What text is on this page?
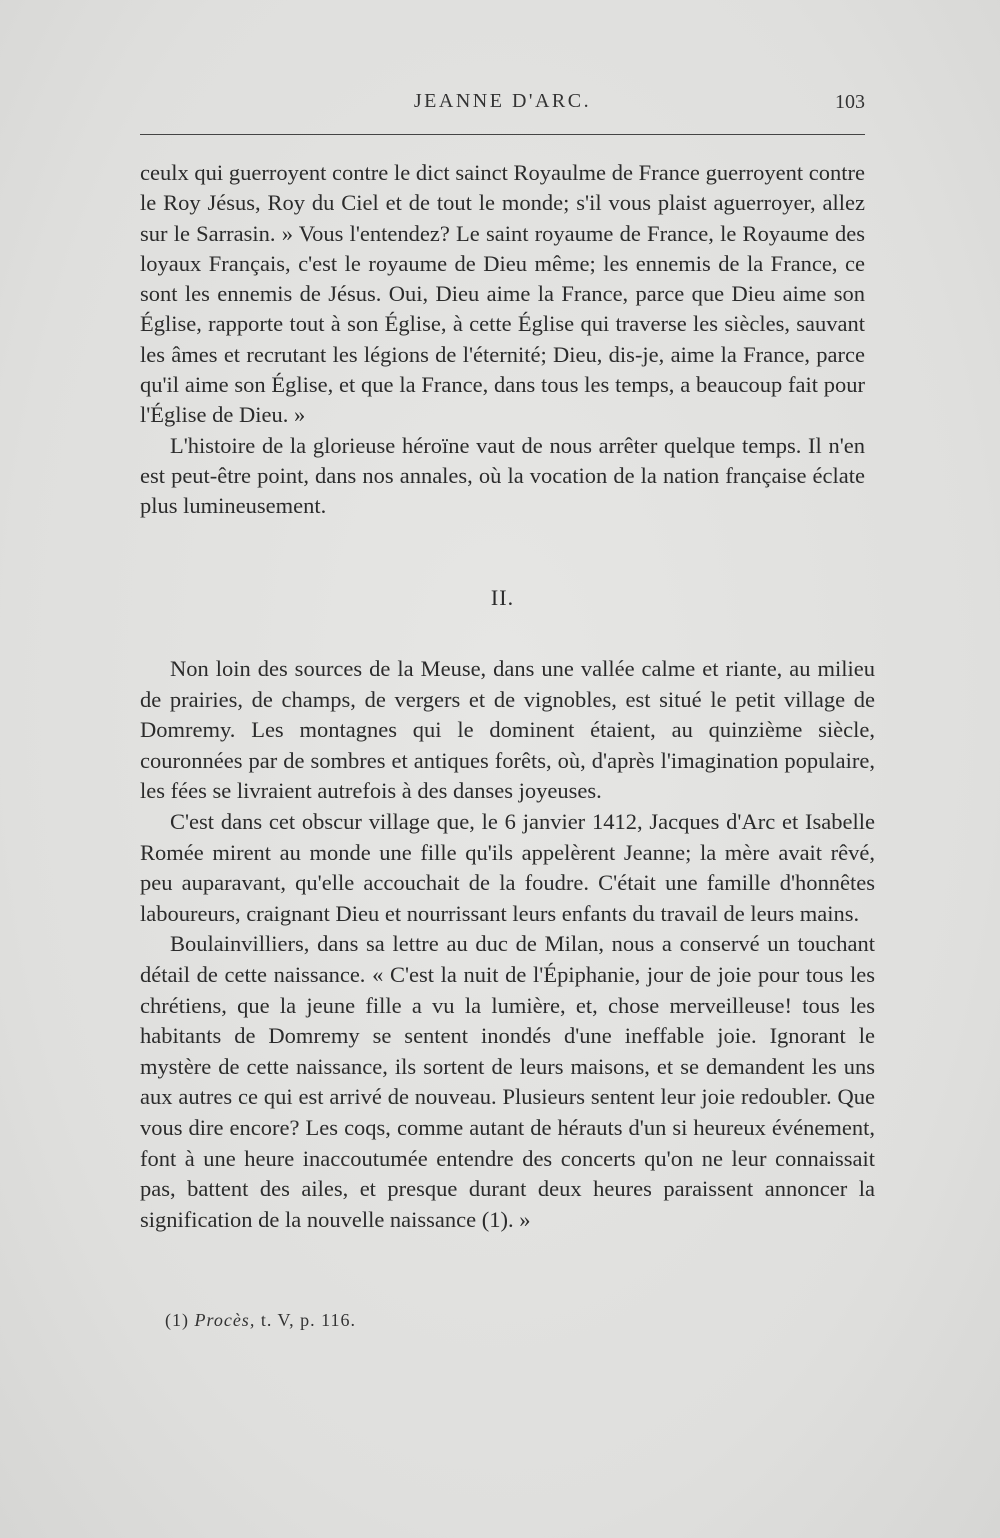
JEANNE D'ARC.	103

ceulx qui guerroyent contre le dict sainct Royaulme de France guerroyent contre le Roy Jésus, Roy du Ciel et de tout le monde; s'il vous plaist aguerroyer, allez sur le Sarrasin. » Vous l'entendez? Le saint royaume de France, le Royaume des loyaux Français, c'est le royaume de Dieu même; les ennemis de la France, ce sont les ennemis de Jésus. Oui, Dieu aime la France, parce que Dieu aime son Église, rapporte tout à son Église, à cette Église qui traverse les siècles, sauvant les âmes et recrutant les légions de l'éternité; Dieu, dis-je, aime la France, parce qu'il aime son Église, et que la France, dans tous les temps, a beaucoup fait pour l'Église de Dieu. »

L'histoire de la glorieuse héroïne vaut de nous arrêter quelque temps. Il n'en est peut-être point, dans nos annales, où la vocation de la nation française éclate plus lumineusement.

II.

Non loin des sources de la Meuse, dans une vallée calme et riante, au milieu de prairies, de champs, de vergers et de vignobles, est situé le petit village de Domremy. Les montagnes qui le dominent étaient, au quinzième siècle, couronnées par de sombres et antiques forêts, où, d'après l'imagination populaire, les fées se livraient autrefois à des danses joyeuses.

C'est dans cet obscur village que, le 6 janvier 1412, Jacques d'Arc et Isabelle Romée mirent au monde une fille qu'ils appelèrent Jeanne; la mère avait rêvé, peu auparavant, qu'elle accouchait de la foudre. C'était une famille d'honnêtes laboureurs, craignant Dieu et nourrissant leurs enfants du travail de leurs mains.

Boulainvilliers, dans sa lettre au duc de Milan, nous a conservé un touchant détail de cette naissance. « C'est la nuit de l'Épiphanie, jour de joie pour tous les chrétiens, que la jeune fille a vu la lumière, et, chose merveilleuse! tous les habitants de Domremy se sentent inondés d'une ineffable joie. Ignorant le mystère de cette naissance, ils sortent de leurs maisons, et se demandent les uns aux autres ce qui est arrivé de nouveau. Plusieurs sentent leur joie redoubler. Que vous dire encore? Les coqs, comme autant de hérauts d'un si heureux événement, font à une heure inaccoutumée entendre des concerts qu'on ne leur connaissait pas, battent des ailes, et presque durant deux heures paraissent annoncer la signification de la nouvelle naissance (1). »

(1) Procès, t. V, p. 116.
